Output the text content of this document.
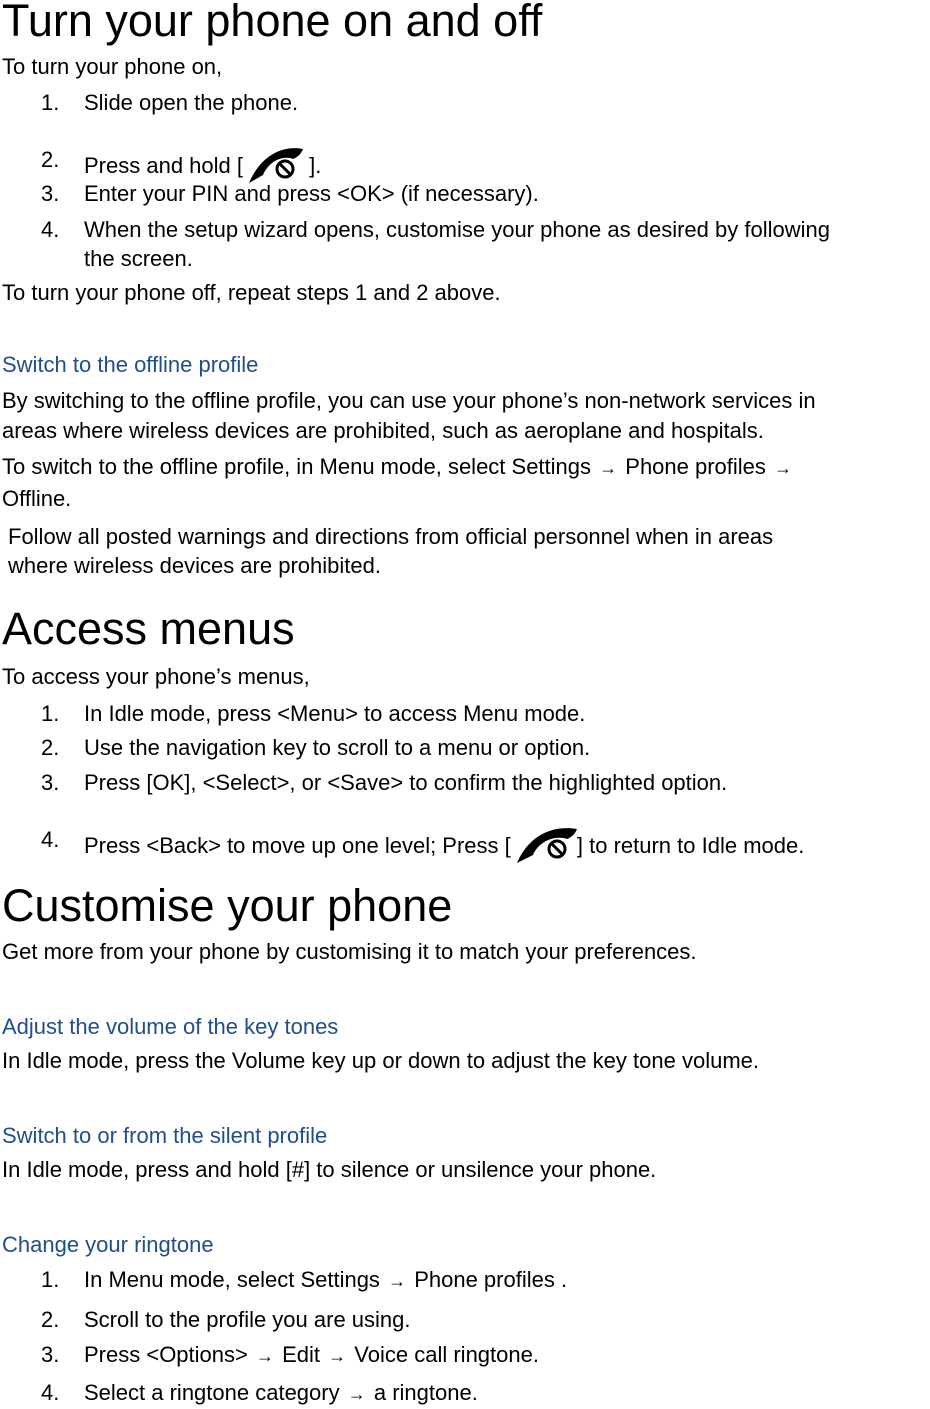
Turn your phone on and off
To turn your phone on,
1.	Slide open the phone.
2.	Press and hold [	].
3.	Enter your PIN and press <OK> (if necessary).
4.	When the setup wizard opens, customise your phone as desired by following
the screen.
To turn your phone off, repeat steps 1 and 2 above.
Switch to the offline profile
By switching to the offline profile, you can use your phone’s non-network services in
areas where wireless devices are prohibited, such as aeroplane and hospitals.
To switch to the offline profile, in Menu mode, select Settings → Phone profiles →
Offline.
Follow all posted warnings and directions from official personnel when in areas
where wireless devices are prohibited.
Access menus
To access your phone’s menus,
1.	In Idle mode, press <Menu> to access Menu mode.
2.	Use the navigation key to scroll to a menu or option.
3.	Press [OK], <Select>, or <Save> to confirm the highlighted option.
4.	Press <Back> to move up one level; Press [	] to return to Idle mode.
Customise your phone
Get more from your phone by customising it to match your preferences.
Adjust the volume of the key tones
In Idle mode, press the Volume key up or down to adjust the key tone volume.
Switch to or from the silent profile
In Idle mode, press and hold [#] to silence or unsilence your phone.
Change your ringtone
1.	In Menu mode, select Settings → Phone profiles .
2.	Scroll to the profile you are using.
3.	Press <Options> → Edit → Voice call ringtone.
4.	Select a ringtone category → a ringtone.
